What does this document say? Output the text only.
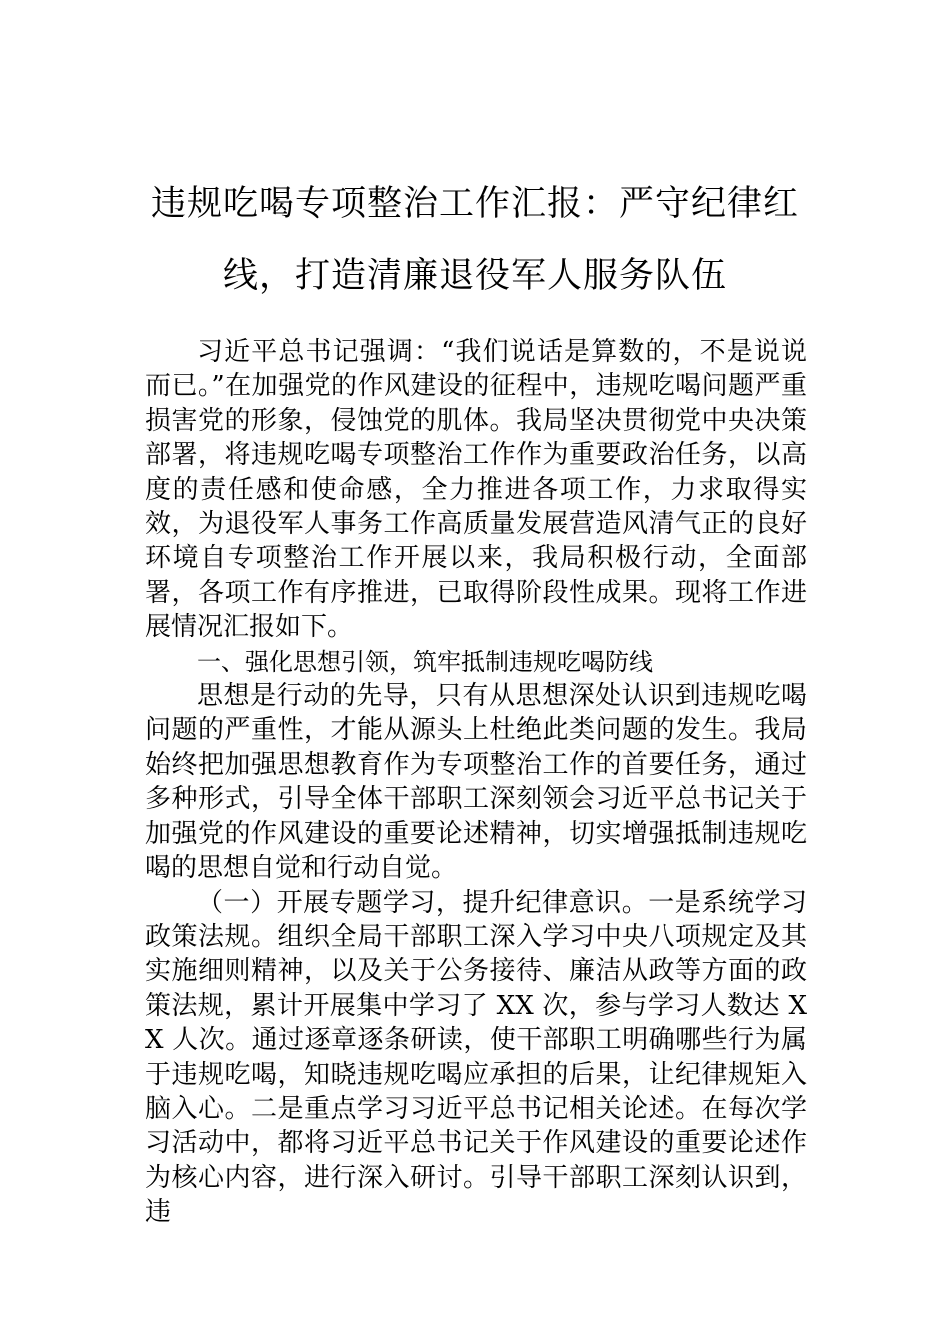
违规吃喝专项整治工作汇报：严守纪律红线，打造清廉退役军人服务队伍

习近平总书记强调：“我们说话是算数的，不是说说而已。”在加强党的作风建设的征程中，违规吃喝问题严重损害党的形象，侵蚀党的肌体。我局坚决贯彻党中央决策部署，将违规吃喝专项整治工作作为重要政治任务，以高度的责任感和使命感，全力推进各项工作，力求取得实效，为退役军人事务工作高质量发展营造风清气正的良好环境自专项整治工作开展以来，我局积极行动，全面部署，各项工作有序推进，已取得阶段性成果。现将工作进展情况汇报如下。

一、强化思想引领，筑牢抵制违规吃喝防线

思想是行动的先导，只有从思想深处认识到违规吃喝问题的严重性，才能从源头上杜绝此类问题的发生。我局始终把加强思想教育作为专项整治工作的首要任务，通过多种形式，引导全体干部职工深刻领会习近平总书记关于加强党的作风建设的重要论述精神，切实增强抵制违规吃喝的思想自觉和行动自觉。

（一）开展专题学习，提升纪律意识。一是系统学习政策法规。组织全局干部职工深入学习中央八项规定及其实施细则精神，以及关于公务接待、廉洁从政等方面的政策法规，累计开展集中学习了 XX 次，参与学习人数达 XX 人次。通过逐章逐条研读，使干部职工明确哪些行为属于违规吃喝，知晓违规吃喝应承担的后果，让纪律规矩入脑入心。二是重点学习习近平总书记相关论述。在每次学习活动中，都将习近平总书记关于作风建设的重要论述作为核心内容，进行深入研讨。引导干部职工深刻认识到，违
